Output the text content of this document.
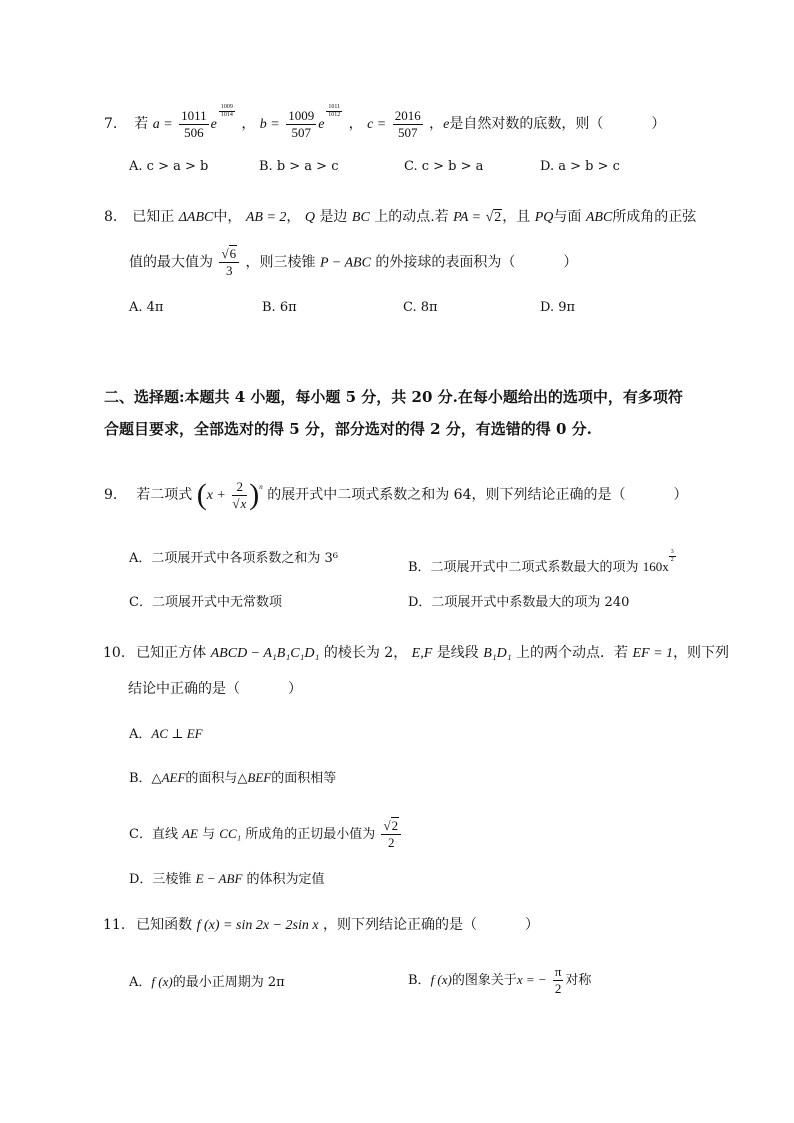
7. 若 $a = \frac{1011}{506}$ e
$\frac{1009}{1014}$
， $b = \frac{1009}{507}$ e
$\frac{1011}{1012}$
， $c = \frac{2016}{507}$ ，e是自然对数的底数，则（	）
A. c > a > b	B. b > a > c	C. c > b > a	D. a > b > c
8. 已知正 ΔABC中， AB = 2， Q 是边 BC 上的动点.若 PA = √2，且 PQ与面 ABC所成角的正弦
值的最大值为 $\frac{√6}{3}$ ，则三棱锥 P − ABC 的外接球的表面积为（	）
A. 4π	B. 6π	C. 8π	D. 9π
二、选择题:本题共 4 小题，每小题 5 分，共 20 分.在每小题给出的选项中，有多项符
合题目要求，全部选对的得 5 分，部分选对的得 2 分，有选错的得 0 分.
9. 若二项式 $(x + \frac{2}{√x} )^n$ 的展开式中二项式系数之和为 64，则下列结论正确的是（	）
A．二项展开式中各项系数之和为 3⁶
B．二项展开式中二项式系数最大的项为 160x
$\frac{3}{2}$
C．二项展开式中无常数项	D．二项展开式中系数最大的项为 240
10. 已知正方体 ABCD − A₁B₁C₁D₁ 的棱长为 2， E,F 是线段 B₁D₁ 上的两个动点．若 EF = 1，则下列
结论中正确的是（	）
A．AC ⊥ EF
B．△AEF的面积与△BEF的面积相等
C．直线 AE 与 CC₁ 所成角的正切最小值为 $\frac{√2}{2}$
D．三棱锥 E − ABF 的体积为定值
11. 已知函数 f (x) = sin 2x − 2sin x ，则下列结论正确的是（	）
A．f (x)的最小正周期为 2π	B．f (x)的图象关于x = − $\frac{\pi}{2}$ 对称
